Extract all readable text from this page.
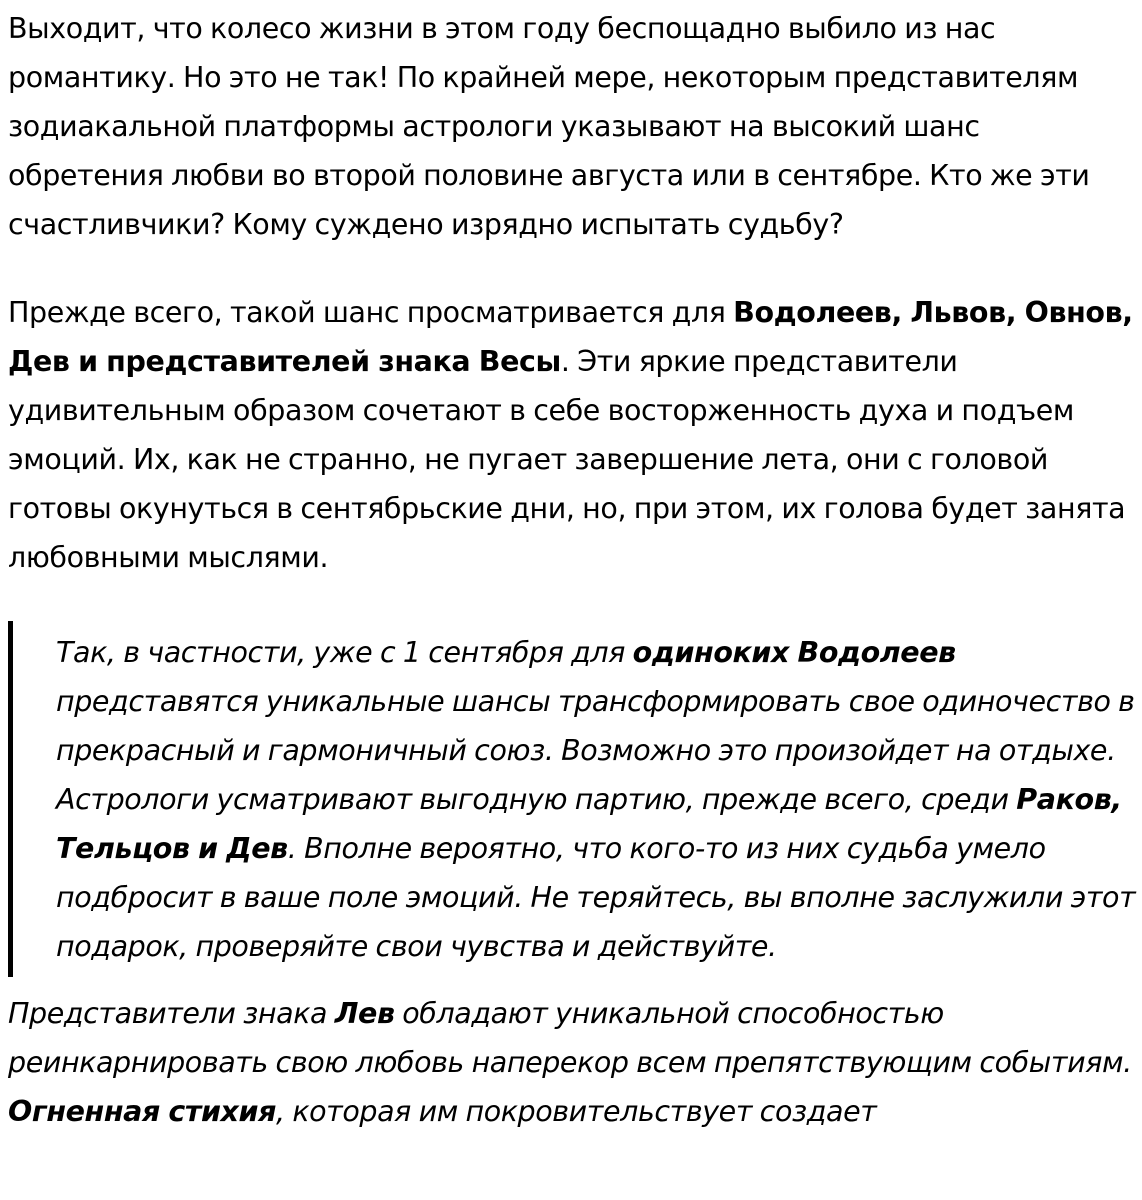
Выходит, что колесо жизни в этом году беспощадно выбило из нас романтику. Но это не так! По крайней мере, некоторым представителям зодиакальной платформы астрологи указывают на высокий шанс обретения любви во второй половине августа или в сентябре. Кто же эти счастливчики? Кому суждено изрядно испытать судьбу?

Прежде всего, такой шанс просматривается для Водолеев, Львов, Овнов, Дев и представителей знака Весы. Эти яркие представители удивительным образом сочетают в себе восторженность духа и подъем эмоций. Их, как не странно, не пугает завершение лета, они с головой готовы окунуться в сентябрьские дни, но, при этом, их голова будет занята любовными мыслями.

Так, в частности, уже с 1 сентября для одиноких Водолеев представятся уникальные шансы трансформировать свое одиночество в прекрасный и гармоничный союз. Возможно это произойдет на отдыхе. Астрологи усматривают выгодную партию, прежде всего, среди Раков, Тельцов и Дев. Вполне вероятно, что кого-то из них судьба умело подбросит в ваше поле эмоций. Не теряйтесь, вы вполне заслужили этот подарок, проверяйте свои чувства и действуйте.

Представители знака Лев обладают уникальной способностью реинкарнировать свою любовь наперекор всем препятствующим событиям. Огненная стихия, которая им покровительствует создает
